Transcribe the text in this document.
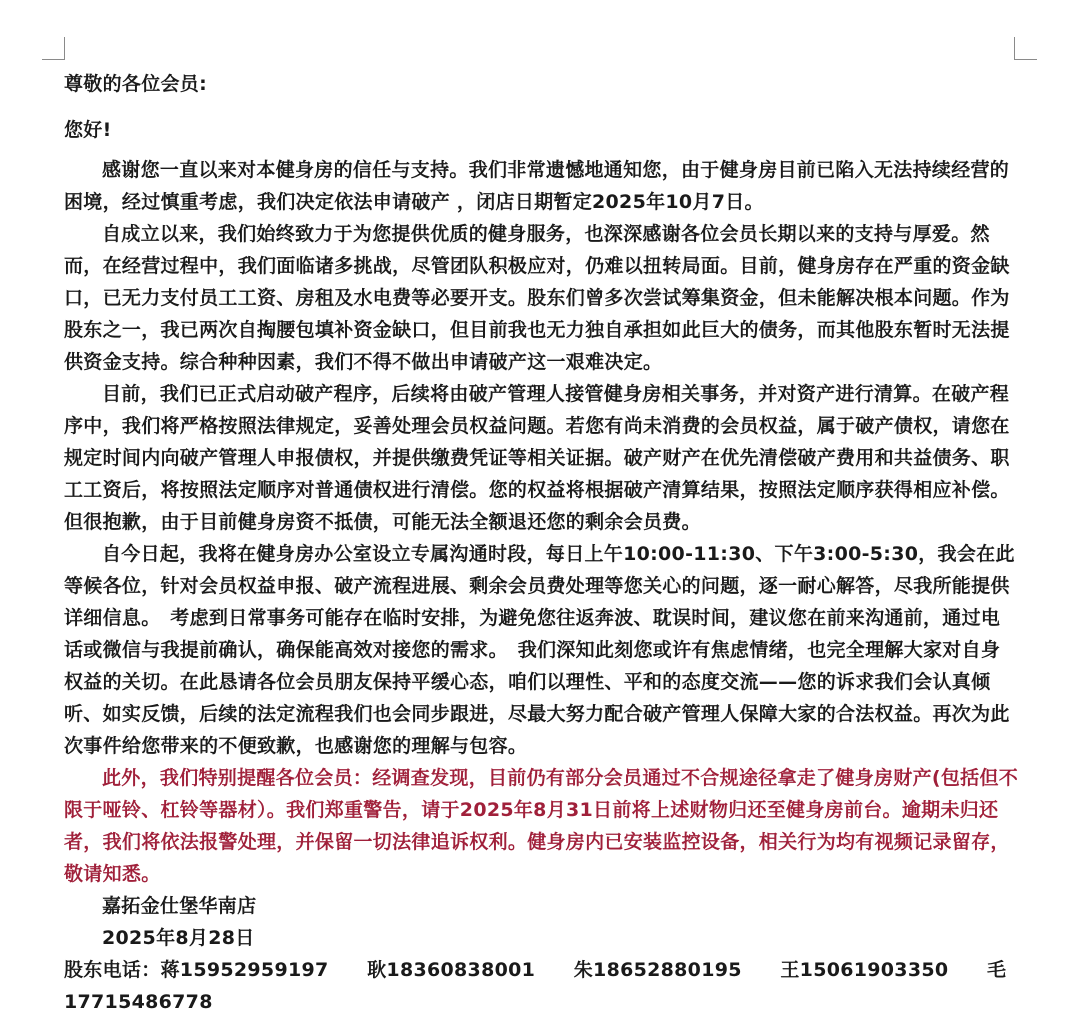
尊敬的各位会员:

您好!

感谢您一直以来对本健身房的信任与支持。我们非常遗憾地通知您，由于健身房目前已陷入无法持续经营的困境，经过慎重考虑，我们决定依法申请破产 ，闭店日期暂定2025年10月7日。

自成立以来，我们始终致力于为您提供优质的健身服务，也深深感谢各位会员长期以来的支持与厚爱。然而，在经营过程中，我们面临诸多挑战，尽管团队积极应对，仍难以扭转局面。目前，健身房存在严重的资金缺口，已无力支付员工工资、房租及水电费等必要开支。股东们曾多次尝试筹集资金，但未能解决根本问题。作为股东之一，我已两次自掏腰包填补资金缺口，但目前我也无力独自承担如此巨大的债务，而其他股东暂时无法提供资金支持。综合种种因素，我们不得不做出申请破产这一艰难决定。

目前，我们已正式启动破产程序，后续将由破产管理人接管健身房相关事务，并对资产进行清算。在破产程序中，我们将严格按照法律规定，妥善处理会员权益问题。若您有尚未消费的会员权益，属于破产债权，请您在规定时间内向破产管理人申报债权，并提供缴费凭证等相关证据。破产财产在优先清偿破产费用和共益债务、职工工资后，将按照法定顺序对普通债权进行清偿。您的权益将根据破产清算结果，按照法定顺序获得相应补偿。但很抱歉，由于目前健身房资不抵债，可能无法全额退还您的剩余会员费。

自今日起，我将在健身房办公室设立专属沟通时段，每日上午10:00-11:30、下午3:00-5:30，我会在此等候各位，针对会员权益申报、破产流程进展、剩余会员费处理等您关心的问题，逐一耐心解答，尽我所能提供详细信息。　考虑到日常事务可能存在临时安排，为避免您往返奔波、耽误时间，建议您在前来沟通前，通过电话或微信与我提前确认，确保能高效对接您的需求。　我们深知此刻您或许有焦虑情绪，也完全理解大家对自身权益的关切。在此恳请各位会员朋友保持平缓心态，咱们以理性、平和的态度交流——您的诉求我们会认真倾听、如实反馈，后续的法定流程我们也会同步跟进，尽最大努力配合破产管理人保障大家的合法权益。再次为此次事件给您带来的不便致歉，也感谢您的理解与包容。

此外，我们特别提醒各位会员：经调查发现，目前仍有部分会员通过不合规途径拿走了健身房财产(包括但不限于哑铃、杠铃等器材）。我们郑重警告，请于2025年8月31日前将上述财物归还至健身房前台。逾期未归还者，我们将依法报警处理，并保留一切法律追诉权利。健身房内已安装监控设备，相关行为均有视频记录留存，敬请知悉。

嘉拓金仕堡华南店

2025年8月28日

股东电话：蒋15952959197　　耿18360838001　　朱18652880195　　王15061903350　　毛17715486778
